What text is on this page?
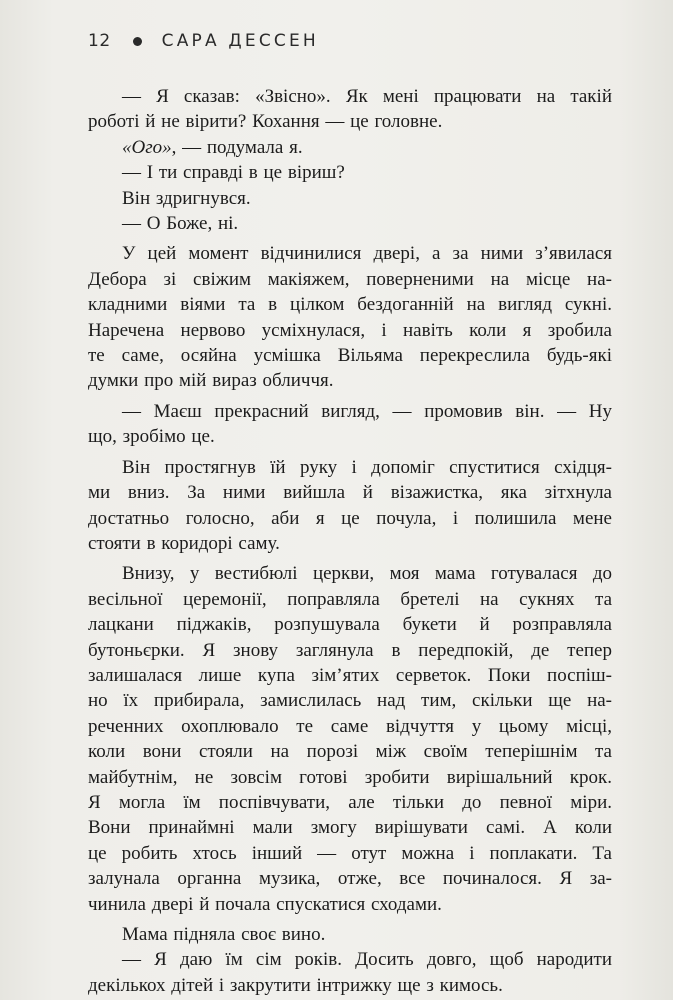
12	САРА ДЕССЕН
— Я сказав: «Звісно». Як мені працювати на такій
роботі й не вірити? Кохання — це головне.
«Ого», — подумала я.
— І ти справді в це віриш?
Він здригнувся.
— О Боже, ні.
У цей момент відчинилися двері, а за ними з’явилася
Дебора зі свіжим макіяжем, поверненими на місце на-
кладними віями та в цілком бездоганній на вигляд сукні.
Наречена нервово усміхнулася, і навіть коли я зробила
те саме, осяйна усмішка Вільяма перекреслила будь-які
думки про мій вираз обличчя.
— Маєш прекрасний вигляд, — промовив він. — Ну
що, зробімо це.
Він простягнув їй руку і допоміг спуститися східця-
ми вниз. За ними вийшла й візажистка, яка зітхнула
достатньо голосно, аби я це почула, і полишила мене
стояти в коридорі саму.
Внизу, у вестибюлі церкви, моя мама готувалася до
весільної церемонії, поправляла бретелі на сукнях та
лацкани піджаків, розпушувала букети й розправляла
бутоньєрки. Я знову заглянула в передпокій, де тепер
залишалася лише купа зім’ятих серветок. Поки поспіш-
но їх прибирала, замислилась над тим, скільки ще на-
реченних охоплювало те саме відчуття у цьому місці,
коли вони стояли на порозі між своїм теперішнім та
майбутнім, не зовсім готові зробити вирішальний крок.
Я могла їм поспівчувати, але тільки до певної міри.
Вони принаймні мали змогу вирішувати самі. А коли
це робить хтось інший — отут можна і поплакати. Та
залунала органна музика, отже, все починалося. Я за-
чинила двері й почала спускатися сходами.
Мама підняла своє вино.
— Я даю їм сім років. Досить довго, щоб народити
декількох дітей і закрутити інтрижку ще з кимось.
